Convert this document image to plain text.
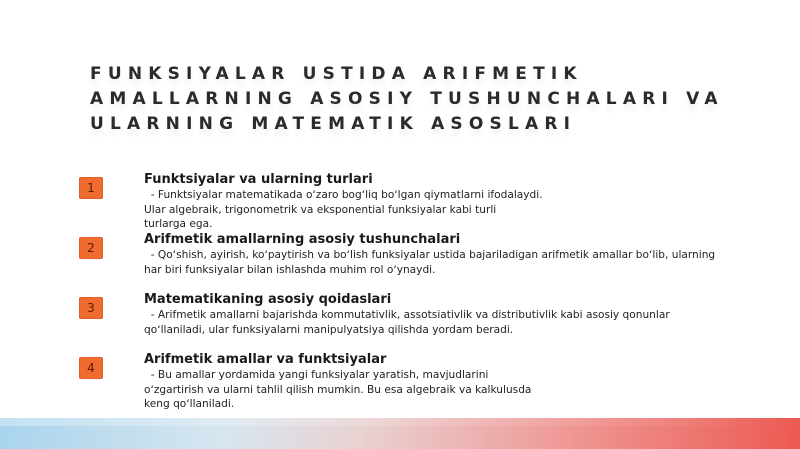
FUNKSIYALAR USTIDA ARIFMETIK
AMALLARNING ASOSIY TUSHUNCHALARI VA
ULARNING MATEMATIK ASOSLARI
1

Funktsiyalar va ularning turlari

- Funktsiyalar matematikada oʻzaro bogʻliq boʻlgan qiymatlarni ifodalaydi.
Ular algebraik, trigonometrik va eksponential funksiyalar kabi turli
turlarga ega.

2

Arifmetik amallarning asosiy tushunchalari

- Qoʻshish, ayirish, koʻpaytirish va boʻlish funksiyalar ustida bajariladigan arifmetik amallar boʻlib, ularning
har biri funksiyalar bilan ishlashda muhim rol oʻynaydi.

3

Matematikaning asosiy qoidaslari

- Arifmetik amallarni bajarishda kommutativlik, assotsiativlik va distributivlik kabi asosiy qonunlar
qoʻllaniladi, ular funksiyalarni manipulyatsiya qilishda yordam beradi.

4

Arifmetik amallar va funktsiyalar

- Bu amallar yordamida yangi funksiyalar yaratish, mavjudlarini
oʻzgartirish va ularni tahlil qilish mumkin. Bu esa algebraik va kalkulusda
keng qoʻllaniladi.
